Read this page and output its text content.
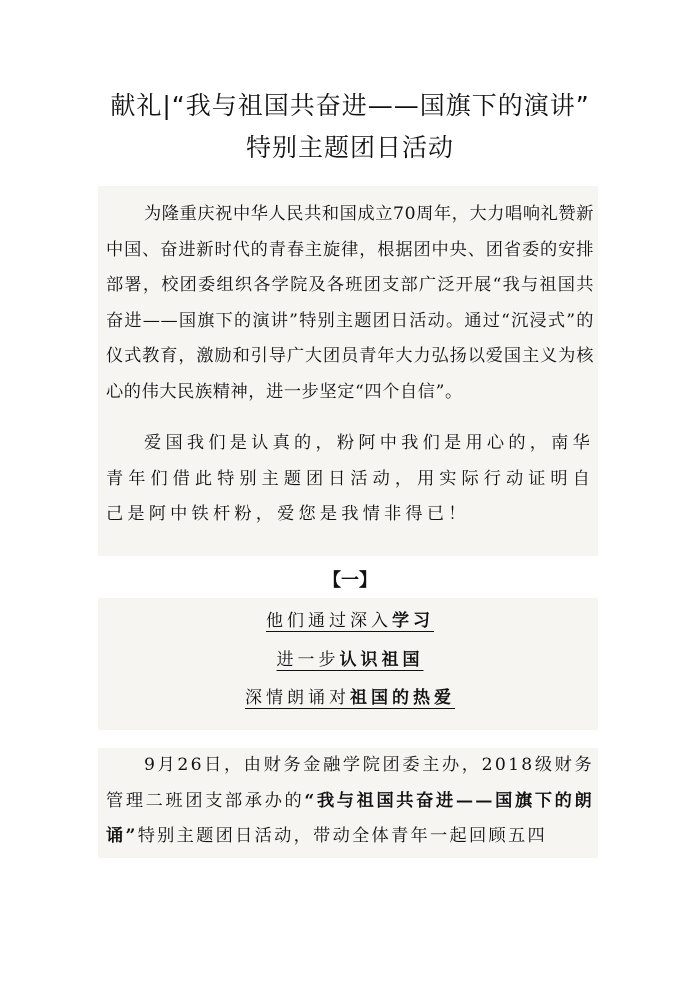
献礼|“我与祖国共奋进——国旗下的演讲”
特别主题团日活动
为隆重庆祝中华人民共和国成立70周年，大力唱响礼赞新中国、奋进新时代的青春主旋律，根据团中央、团省委的安排部署，校团委组织各学院及各班团支部广泛开展“我与祖国共奋进——国旗下的演讲”特别主题团日活动。通过“沉浸式”的仪式教育，激励和引导广大团员青年大力弘扬以爱国主义为核心的伟大民族精神，进一步坚定“四个自信”。
爱国我们是认真的，粉阿中我们是用心的，南华青年们借此特别主题团日活动，用实际行动证明自己是阿中铁杆粉，爱您是我情非得已！
【一】
他们通过深入学习
进一步认识祖国
深情朗诵对祖国的热爱
9月26日，由财务金融学院团委主办，2018级财务管理二班团支部承办的“我与祖国共奋进——国旗下的朗诵”特别主题团日活动，带动全体青年一起回顾五四
